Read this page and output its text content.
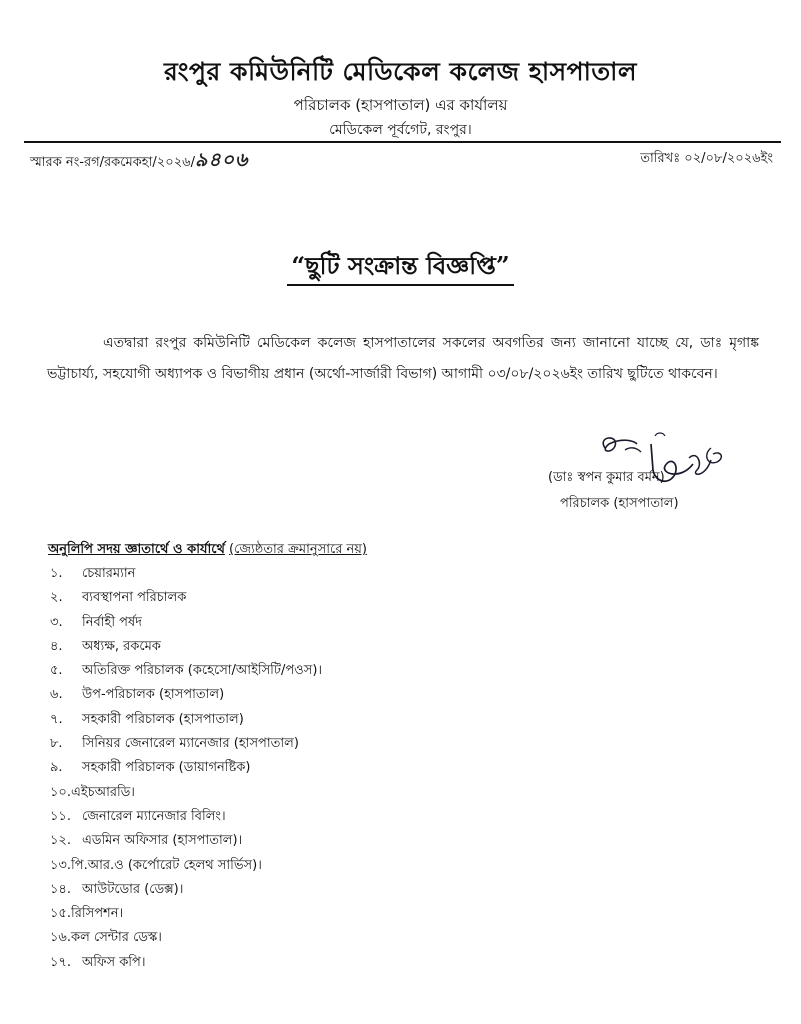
রংপুর কমিউনিটি মেডিকেল কলেজ হাসপাতাল
পরিচালক (হাসপাতাল) এর কার্যালয়
মেডিকেল পূর্বগেট, রংপুর।
স্মারক নং-রগ/রকমেকহা/২০২৬/৯৪০৬	তারিখঃ ০২/০৮/২০২৬ইং
“ছুটি সংক্রান্ত বিজ্ঞপ্তি”
এতদ্বারা রংপুর কমিউনিটি মেডিকেল কলেজ হাসপাতালের সকলের অবগতির জন্য জানানো যাচ্ছে যে, ডাঃ মৃগাঙ্ক ভট্টাচার্য্য, সহযোগী অধ্যাপক ও বিভাগীয় প্রধান (অর্থো-সার্জারী বিভাগ) আগামী ০৩/০৮/২০২৬ইং তারিখ ছুটিতে থাকবেন।
(ডাঃ স্বপন কুমার বর্মন)
পরিচালক (হাসপাতাল)
অনুলিপি সদয় জ্ঞাতার্থে ও কার্যার্থে (জ্যেষ্ঠতার ক্রমানুসারে নয়)
১. চেয়ারম্যান
২. ব্যবস্থাপনা পরিচালক
৩. নির্বাহী পর্ষদ
৪. অধ্যক্ষ, রকমেক
৫. অতিরিক্ত পরিচালক (কহেসো/আইসিটি/পওস)।
৬. উপ-পরিচালক (হাসপাতাল)
৭. সহকারী পরিচালক (হাসপাতাল)
৮. সিনিয়র জেনারেল ম্যানেজার (হাসপাতাল)
৯. সহকারী পরিচালক (ডায়াগনষ্টিক)
১০.এইচআরডি।
১১. জেনারেল ম্যানেজার বিলিং।
১২. এডমিন অফিসার (হাসপাতাল)।
১৩.পি.আর.ও (কর্পোরেট হেলথ সার্ভিস)।
১৪. আউটডোর (ডেক্স)।
১৫.রিসিপশন।
১৬.কল সেন্টার ডেস্ক।
১৭. অফিস কপি।
